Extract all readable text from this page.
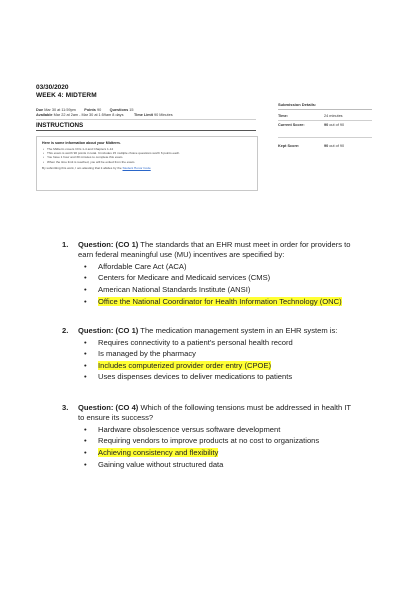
03/30/2020
WEEK 4: MIDTERM
Due Mar 30 at 11:59pm Points 90 Questions 15
Available Mar 22 at 2am - Mar 30 at 1:59am 8 days	Time Limit 90 Minutes
INSTRUCTIONS
Here is some information about your Midterm.
• The Midterm covers COs 1-4 and Chapters 1-12
• This exam is worth 90 points in total. It includes 15 multiple choice questions worth 6 points each.
• You have 1 hour and 30 minutes to complete this exam.
• When the time limit is reached, you will be exited from the exam.
By submitting this work, I am attesting that it abides by the Student Honor Code
Submission Details:
Time:	24 minutes
Current Score:	90 out of 90
Kept Score:	90 out of 90
1. Question: (CO 1) The standards that an EHR must meet in order for providers to
earn federal meaningful use (MU) incentives are specified by:
• Affordable Care Act (ACA)
• Centers for Medicare and Medicaid services (CMS)
• American National Standards Institute (ANSI)
• Office the National Coordinator for Health Information Technology (ONC)
2. Question: (CO 1) The medication management system in an EHR system is:
• Requires connectivity to a patient's personal health record
• Is managed by the pharmacy
• Includes computerized provider order entry (CPOE)
• Uses dispenses devices to deliver medications to patients
3. Question: (CO 4) Which of the following tensions must be addressed in health IT
to ensure its success?
• Hardware obsolescence versus software development
• Requiring vendors to improve products at no cost to organizations
• Achieving consistency and flexibility
• Gaining value without structured data
